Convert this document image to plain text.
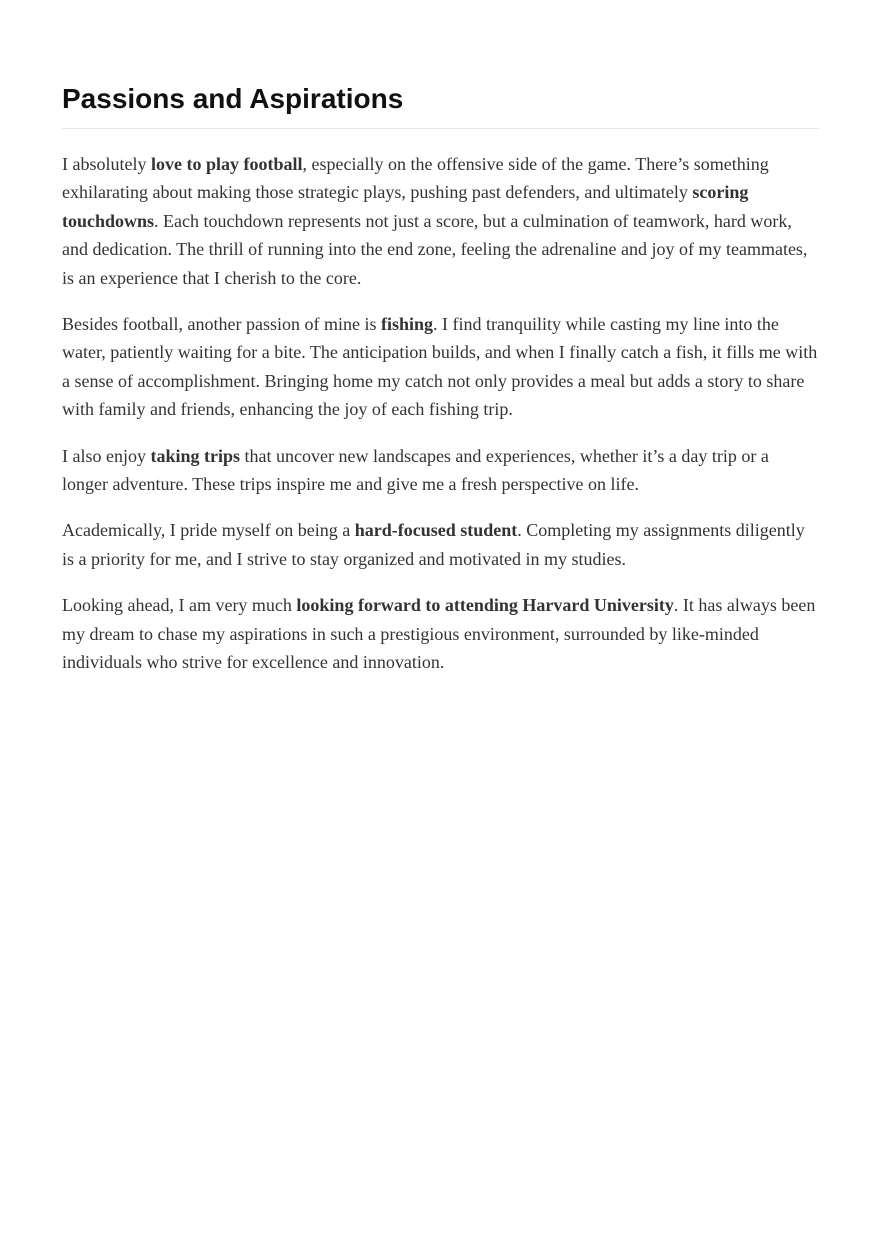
Passions and Aspirations

I absolutely love to play football, especially on the offensive side of the game. There’s something exhilarating about making those strategic plays, pushing past defenders, and ultimately scoring touchdowns. Each touchdown represents not just a score, but a culmination of teamwork, hard work, and dedication. The thrill of running into the end zone, feeling the adrenaline and joy of my teammates, is an experience that I cherish to the core.

Besides football, another passion of mine is fishing. I find tranquility while casting my line into the water, patiently waiting for a bite. The anticipation builds, and when I finally catch a fish, it fills me with a sense of accomplishment. Bringing home my catch not only provides a meal but adds a story to share with family and friends, enhancing the joy of each fishing trip.

I also enjoy taking trips that uncover new landscapes and experiences, whether it’s a day trip or a longer adventure. These trips inspire me and give me a fresh perspective on life.

Academically, I pride myself on being a hard-focused student. Completing my assignments diligently is a priority for me, and I strive to stay organized and motivated in my studies.

Looking ahead, I am very much looking forward to attending Harvard University. It has always been my dream to chase my aspirations in such a prestigious environment, surrounded by like-minded individuals who strive for excellence and innovation.
